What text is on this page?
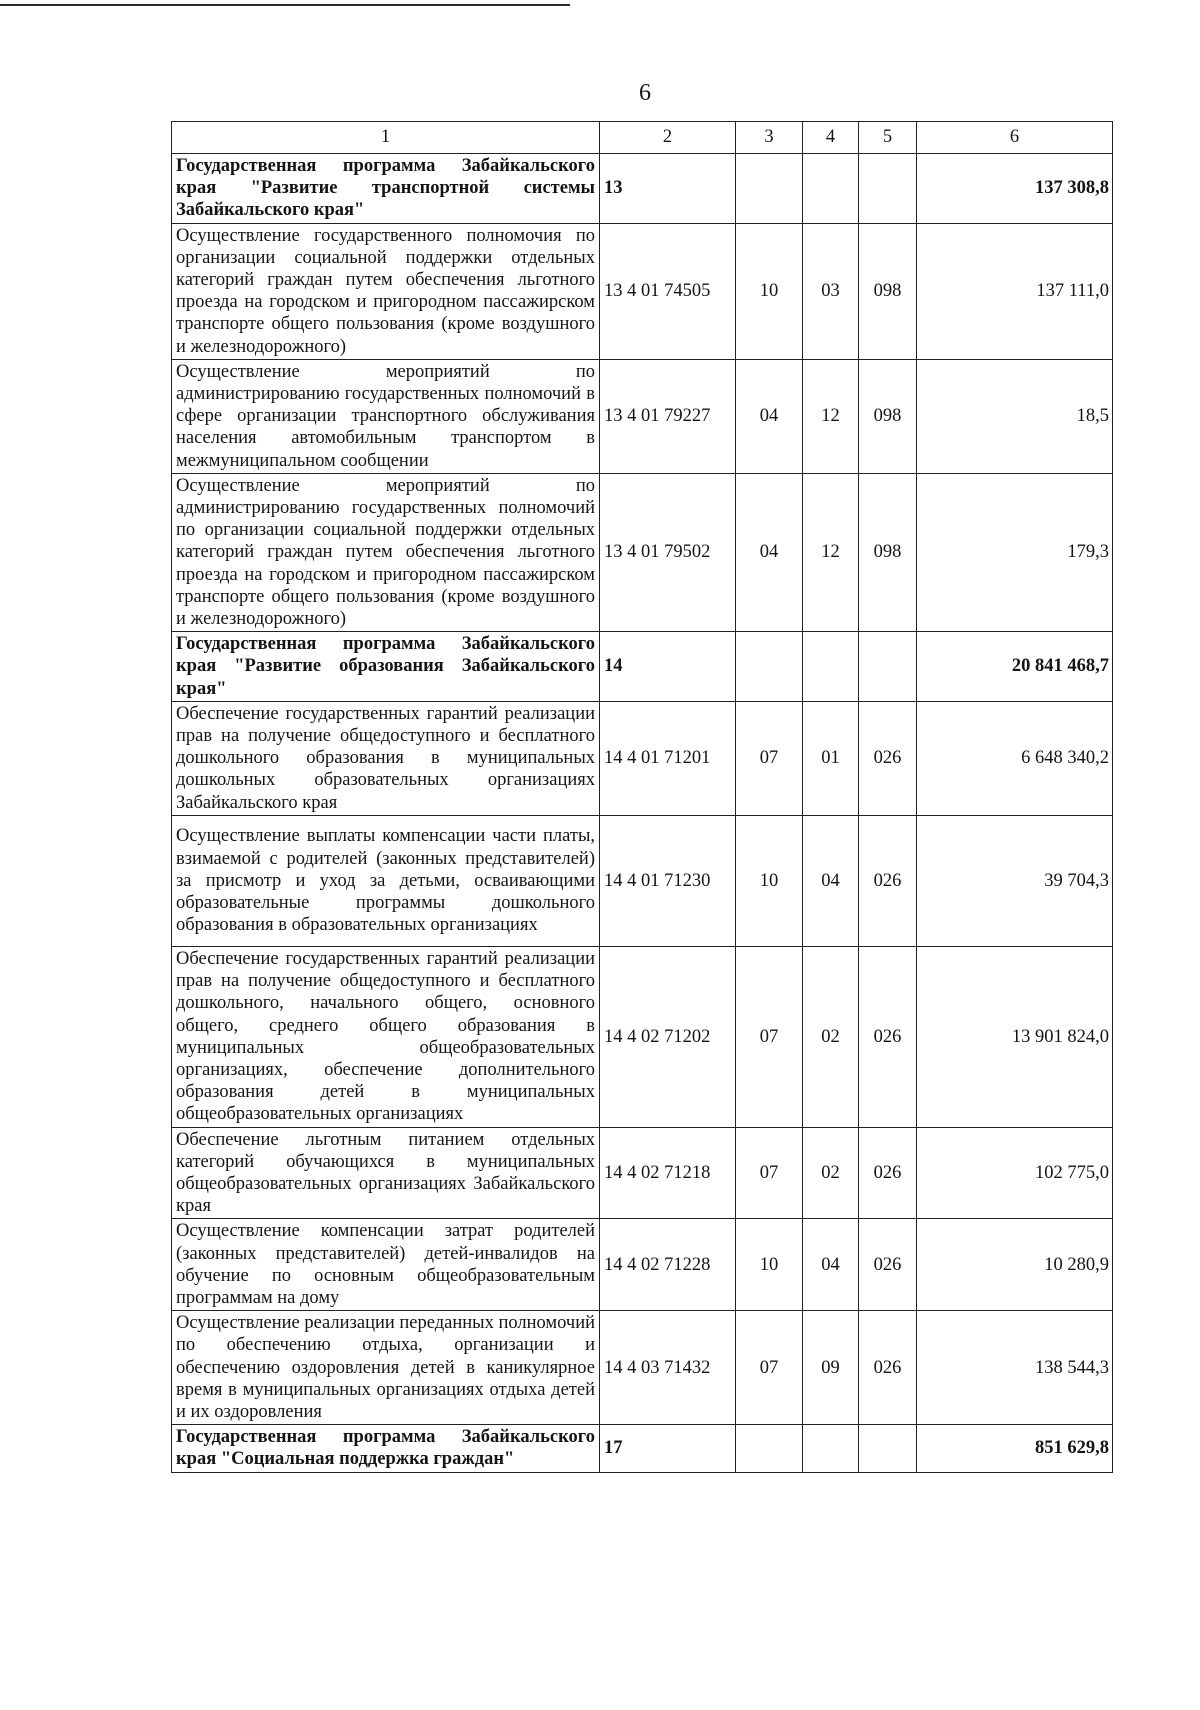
6
1	2	3	4	5	6
Государственная программа Забайкальского края "Развитие транспортной системы Забайкальского края"	13				137 308,8
Осуществление государственного полномочия по организации социальной поддержки отдельных категорий граждан путем обеспечения льготного проезда на городском и пригородном пассажирском транспорте общего пользования (кроме воздушного и железнодорожного)	13 4 01 74505	10	03	098	137 111,0
Осуществление мероприятий по администрированию государственных полномочий в сфере организации транспортного обслуживания населения автомобильным транспортом в межмуниципальном сообщении	13 4 01 79227	04	12	098	18,5
Осуществление мероприятий по администрированию государственных полномочий по организации социальной поддержки отдельных категорий граждан путем обеспечения льготного проезда на городском и пригородном пассажирском транспорте общего пользования (кроме воздушного и железнодорожного)	13 4 01 79502	04	12	098	179,3
Государственная программа Забайкальского края "Развитие образования Забайкальского края"	14				20 841 468,7
Обеспечение государственных гарантий реализации прав на получение общедоступного и бесплатного дошкольного образования в муниципальных дошкольных образовательных организациях Забайкальского края	14 4 01 71201	07	01	026	6 648 340,2
Осуществление выплаты компенсации части платы, взимаемой с родителей (законных представителей) за присмотр и уход за детьми, осваивающими образовательные программы дошкольного образования в образовательных организациях	14 4 01 71230	10	04	026	39 704,3
Обеспечение государственных гарантий реализации прав на получение общедоступного и бесплатного дошкольного, начального общего, основного общего, среднего общего образования в муниципальных общеобразовательных организациях, обеспечение дополнительного образования детей в муниципальных общеобразовательных организациях	14 4 02 71202	07	02	026	13 901 824,0
Обеспечение льготным питанием отдельных категорий обучающихся в муниципальных общеобразовательных организациях Забайкальского края	14 4 02 71218	07	02	026	102 775,0
Осуществление компенсации затрат родителей (законных представителей) детей-инвалидов на обучение по основным общеобразовательным программам на дому	14 4 02 71228	10	04	026	10 280,9
Осуществление реализации переданных полномочий по обеспечению отдыха, организации и обеспечению оздоровления детей в каникулярное время в муниципальных организациях отдыха детей и их оздоровления	14 4 03 71432	07	09	026	138 544,3
Государственная программа Забайкальского края "Социальная поддержка граждан"	17				851 629,8
